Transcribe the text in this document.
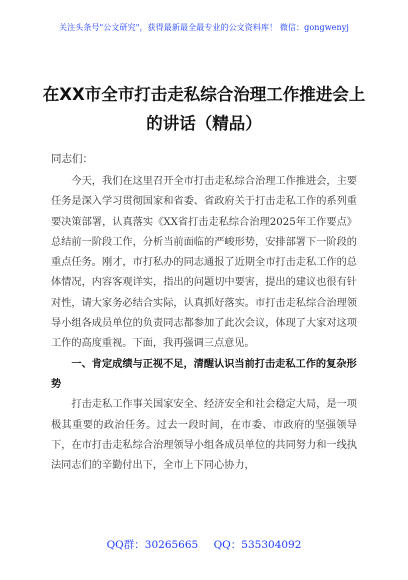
关注头条号"公文研究"，获得最新最全最专业的公文资料库！ 微信：gongwenyj
在XX市全市打击走私综合治理工作推进会上的讲话（精品）
同志们：

今天，我们在这里召开全市打击走私综合治理工作推进会，主要任务是深入学习贯彻国家和省委、省政府关于打击走私工作的系列重要决策部署，认真落实《XX省打击走私综合治理2025年工作要点》总结前一阶段工作，分析当前面临的严峻形势，安排部署下一阶段的重点任务。刚才，市打私办的同志通报了近期全市打击走私工作的总体情况，内容客观详实，指出的问题切中要害，提出的建议也很有针对性，请大家务必结合实际，认真抓好落实。市打击走私综合治理领导小组各成员单位的负责同志都参加了此次会议，体现了大家对这项工作的高度重视。下面，我再强调三点意见。

一、肯定成绩与正视不足，清醒认识当前打击走私工作的复杂形势

打击走私工作事关国家安全、经济安全和社会稳定大局，是一项极其重要的政治任务。过去一段时间，在市委、市政府的坚强领导下，在市打击走私综合治理领导小组各成员单位的共同努力和一线执法同志们的辛勤付出下，全市上下同心协力，

QQ群：30265665 QQ：535304092
